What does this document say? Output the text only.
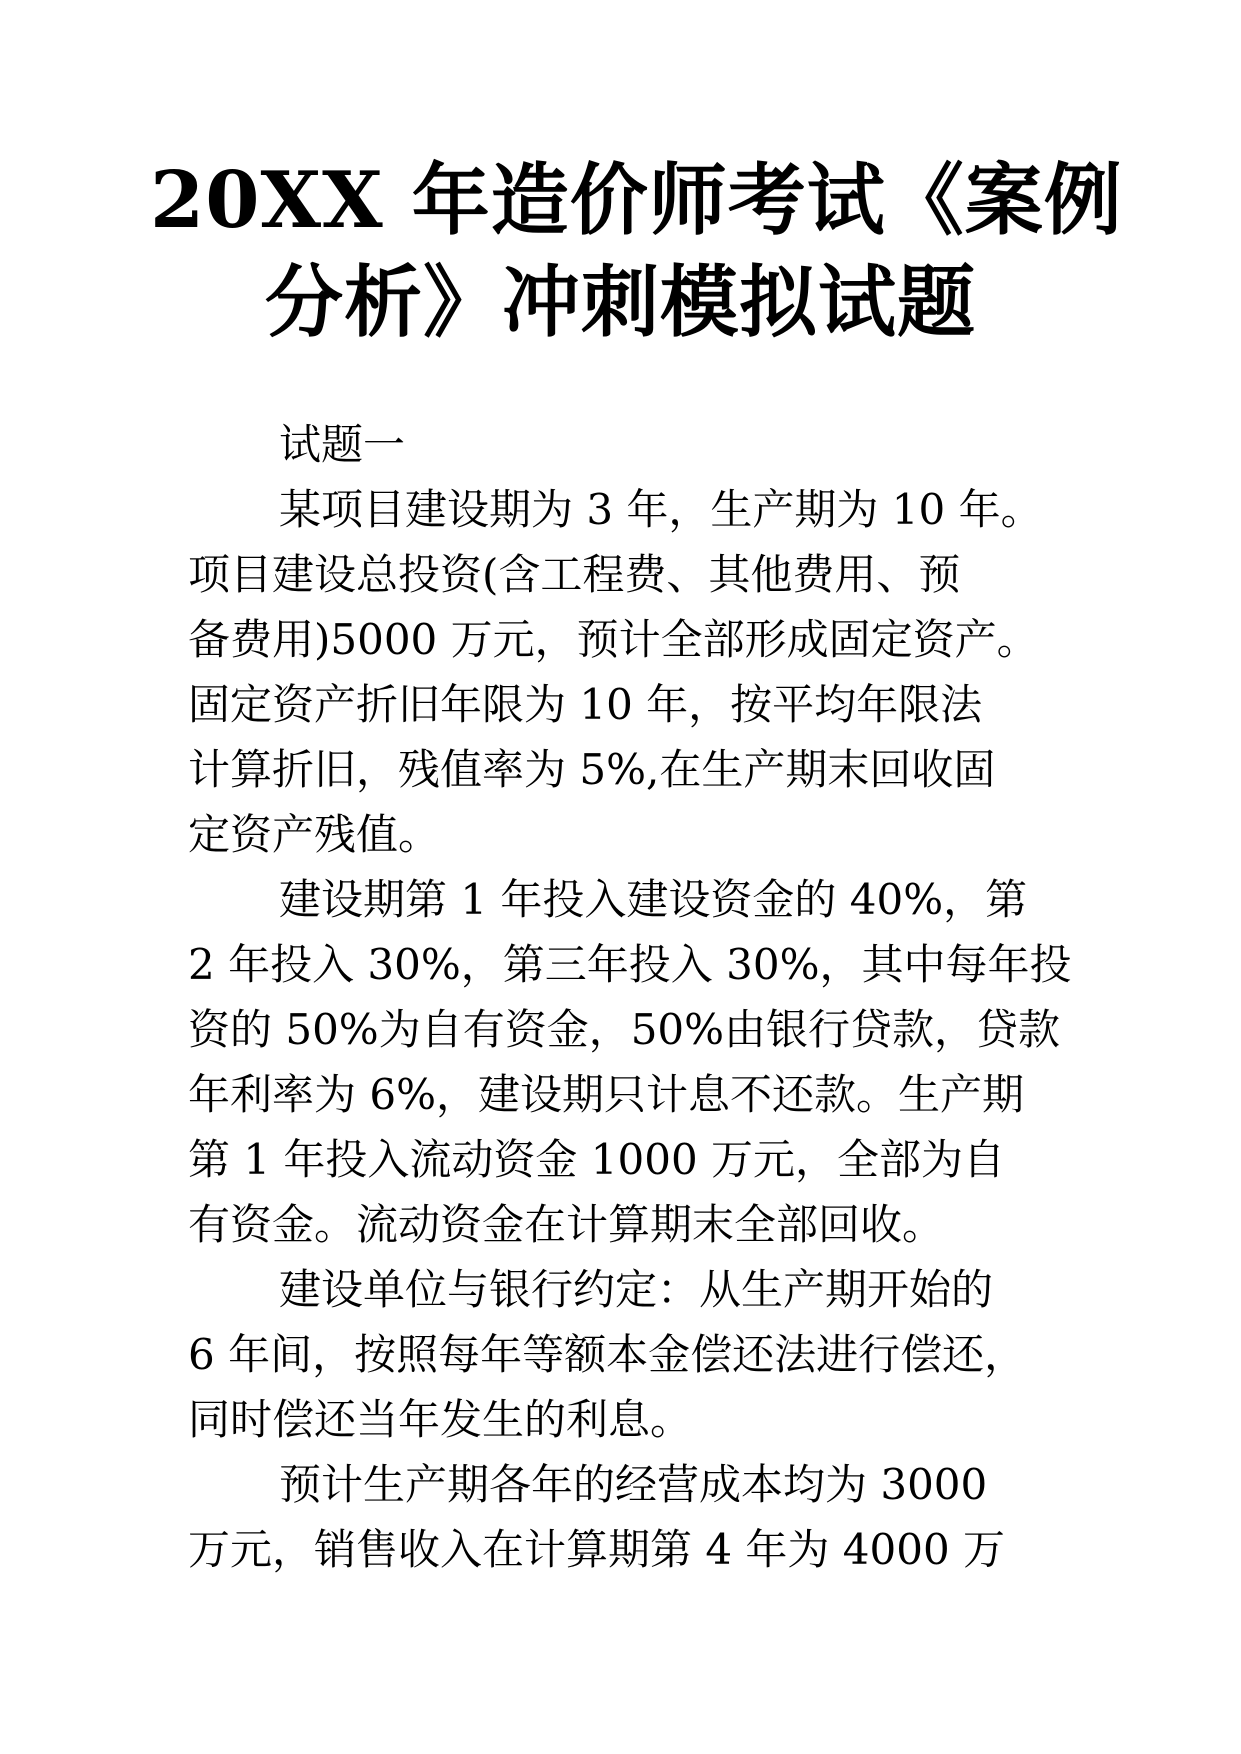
20XX 年造价师考试《案例
分析》冲刺模拟试题

试题一

某项目建设期为 3 年，生产期为 10 年。
项目建设总投资(含工程费、其他费用、预
备费用)5000 万元，预计全部形成固定资产。
固定资产折旧年限为 10 年，按平均年限法
计算折旧，残值率为 5%,在生产期末回收固
定资产残值。

建设期第 1 年投入建设资金的 40%，第
2 年投入 30%，第三年投入 30%，其中每年投
资的 50%为自有资金，50%由银行贷款，贷款
年利率为 6%，建设期只计息不还款。生产期
第 1 年投入流动资金 1000 万元，全部为自
有资金。流动资金在计算期末全部回收。

建设单位与银行约定：从生产期开始的
6 年间，按照每年等额本金偿还法进行偿还，
同时偿还当年发生的利息。

预计生产期各年的经营成本均为 3000
万元，销售收入在计算期第 4 年为 4000 万
